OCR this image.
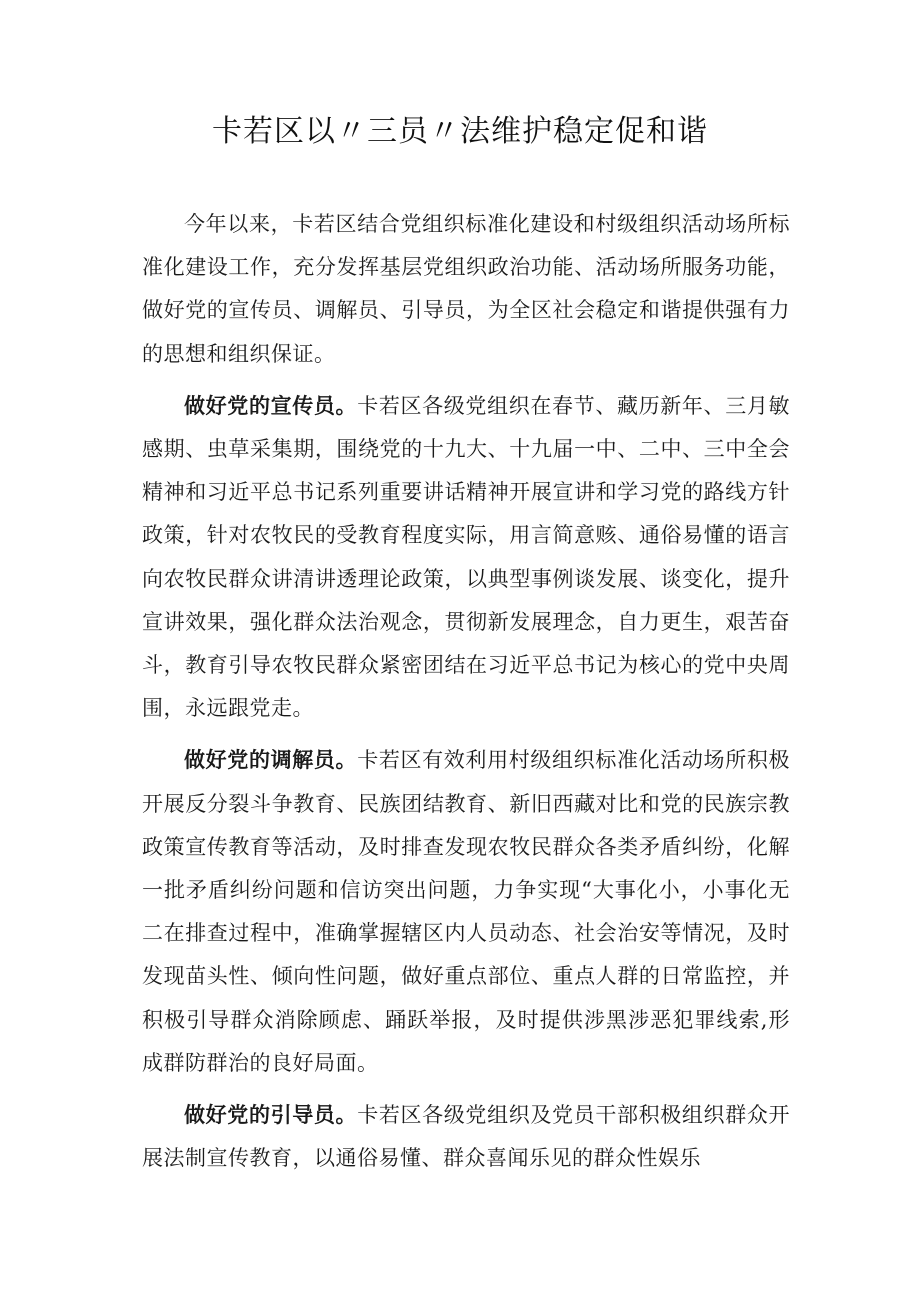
卡若区以〃三员〃法维护稳定促和谐

今年以来，卡若区结合党组织标准化建设和村级组织活动场所标准化建设工作，充分发挥基层党组织政治功能、活动场所服务功能，做好党的宣传员、调解员、引导员，为全区社会稳定和谐提供强有力的思想和组织保证。

做好党的宣传员。卡若区各级党组织在春节、藏历新年、三月敏感期、虫草采集期，围绕党的十九大、十九届一中、二中、三中全会精神和习近平总书记系列重要讲话精神开展宣讲和学习党的路线方针政策，针对农牧民的受教育程度实际，用言简意赅、通俗易懂的语言向农牧民群众讲清讲透理论政策，以典型事例谈发展、谈变化，提升宣讲效果，强化群众法治观念，贯彻新发展理念，自力更生，艰苦奋斗，教育引导农牧民群众紧密团结在习近平总书记为核心的党中央周围，永远跟党走。

做好党的调解员。卡若区有效利用村级组织标准化活动场所积极开展反分裂斗争教育、民族团结教育、新旧西藏对比和党的民族宗教政策宣传教育等活动，及时排查发现农牧民群众各类矛盾纠纷，化解一批矛盾纠纷问题和信访突出问题，力争实现“大事化小，小事化无二在排查过程中，准确掌握辖区内人员动态、社会治安等情况，及时发现苗头性、倾向性问题，做好重点部位、重点人群的日常监控，并积极引导群众消除顾虑、踊跃举报，及时提供涉黑涉恶犯罪线索,形成群防群治的良好局面。

做好党的引导员。卡若区各级党组织及党员干部积极组织群众开展法制宣传教育，以通俗易懂、群众喜闻乐见的群众性娱乐
